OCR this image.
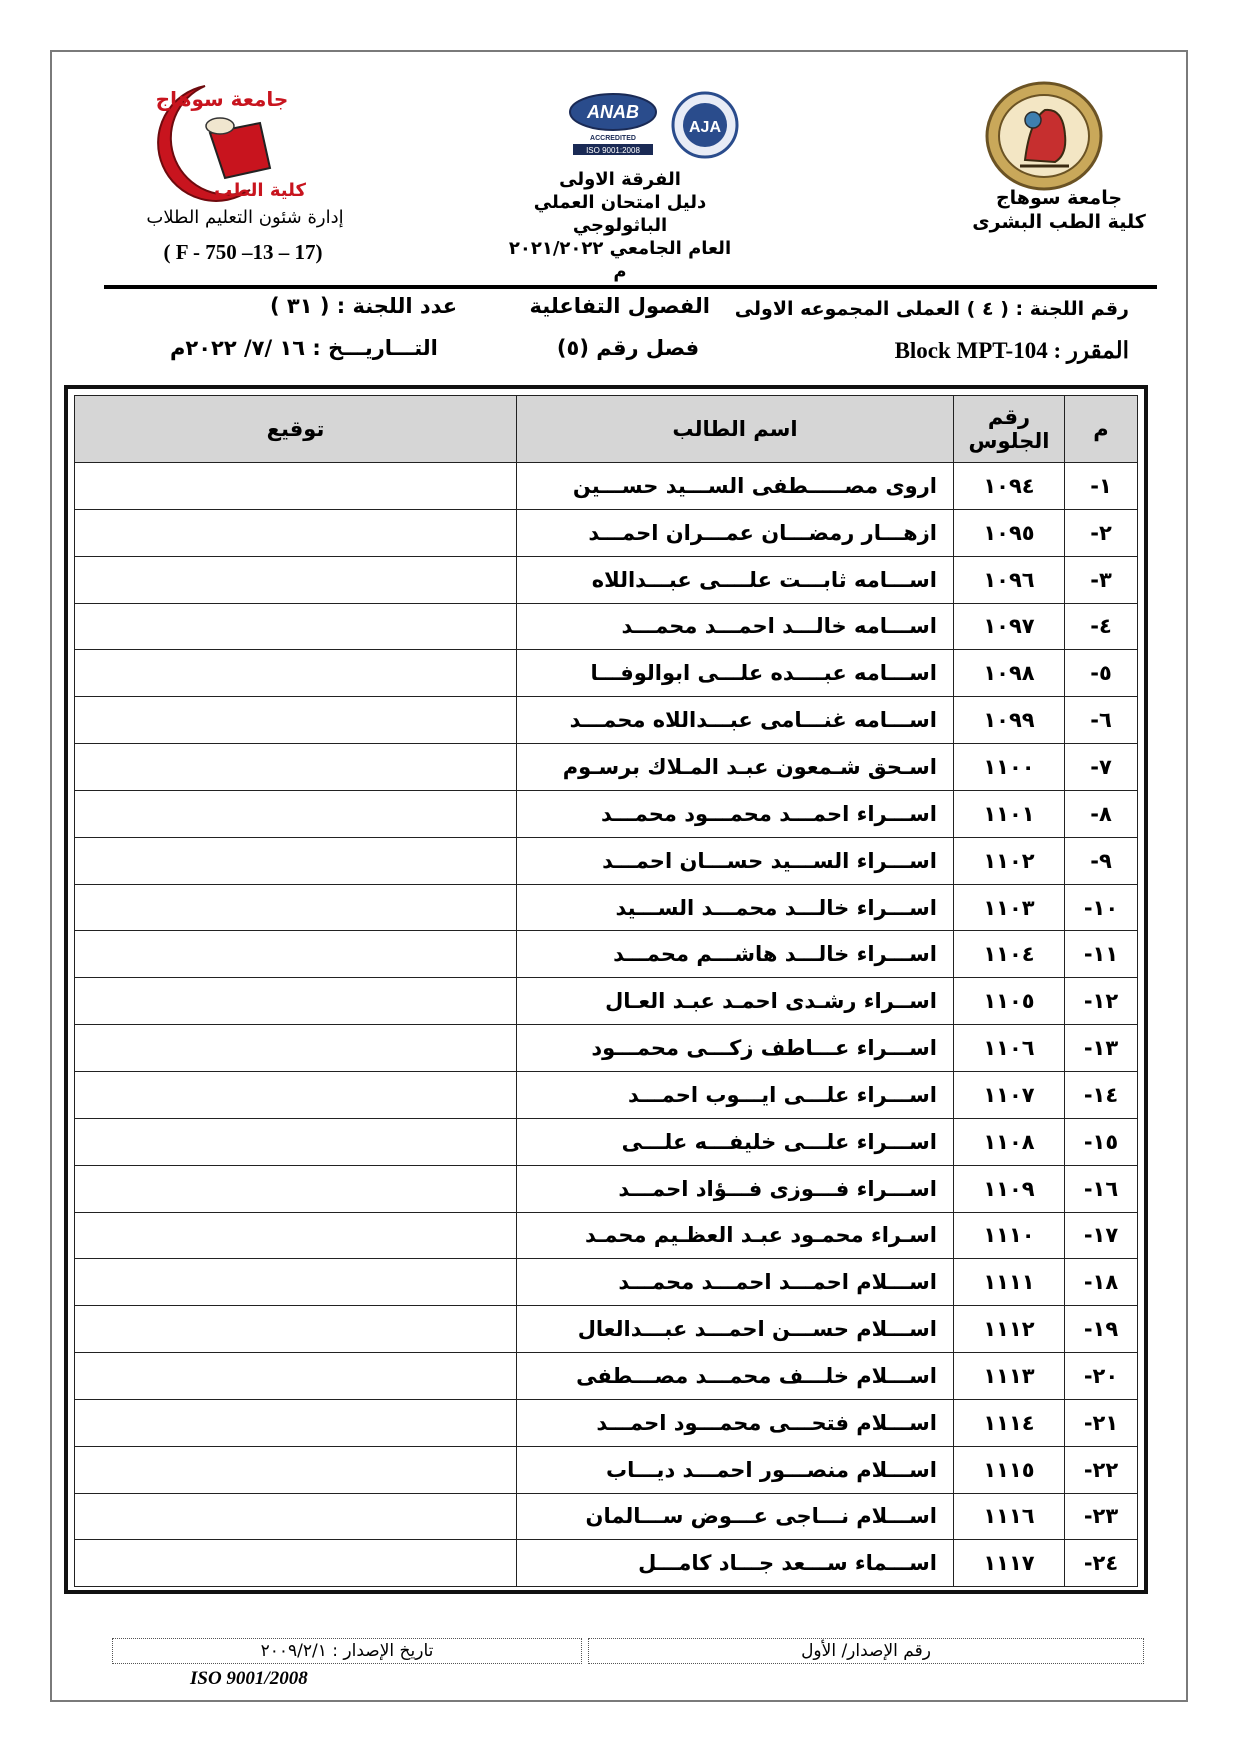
ANAB
ACCREDITED
ISO 9001:2008
AJA
جامعة سوهاج
كلية الطب	جامعة سوهاج
كلية الطب البشرى
الفرقة الاولى
دليل امتحان العملي الباثولوجي
العام الجامعي ٢٠٢١/٢٠٢٢ م
إدارة شئون التعليم الطلاب
( F - 750 –13 – 17)
رقم اللجنة : ( ٤ ) العملى المجموعه الاولى
المقرر : Block MPT-104
الفصول التفاعلية
فصل رقم (٥)
عدد اللجنة : ( ٣١ )
التـــاريـــخ : ١٦ /٧/ ٢٠٢٢م
م	رقم الجلوس	اسم الطالب	توقيع
١-	١٠٩٤	اروى مصـــــطفى الســـيد حســـين	
٢-	١٠٩٥	ازهـــار رمضـــان عمـــران احمـــد	
٣-	١٠٩٦	اســـامه ثابـــت علــــى عبـــداللاه	
٤-	١٠٩٧	اســـامه خالـــد احمـــد محمـــد	
٥-	١٠٩٨	اســـامه عبــــده علـــى ابوالوفـــا	
٦-	١٠٩٩	اســـامه غنـــامى عبـــداللاه محمـــد	
٧-	١١٠٠	اسـحق شـمعون عبـد المـلاك برسـوم	
٨-	١١٠١	اســـراء احمـــد محمـــود محمـــد	
٩-	١١٠٢	اســـراء الســـيد حســـان احمـــد	
١٠-	١١٠٣	اســـراء خالـــد محمـــد الســـيد	
١١-	١١٠٤	اســـراء خالـــد هاشـــم محمـــد	
١٢-	١١٠٥	اســراء رشـدى احمـد عبـد العـال	
١٣-	١١٠٦	اســـراء عـــاطف زكـــى محمـــود	
١٤-	١١٠٧	اســـراء علـــى ايـــوب احمـــد	
١٥-	١١٠٨	اســـراء علـــى خليفـــه علـــى	
١٦-	١١٠٩	اســـراء فـــوزى فـــؤاد احمـــد	
١٧-	١١١٠	اسـراء محمـود عبـد العظـيم محمـد	
١٨-	١١١١	اســـلام احمـــد احمـــد محمـــد	
١٩-	١١١٢	اســـلام حســـن احمـــد عبـــدالعال	
٢٠-	١١١٣	اســـلام خلـــف محمـــد مصـــطفى	
٢١-	١١١٤	اســـلام فتحـــى محمـــود احمـــد	
٢٢-	١١١٥	اســـلام منصـــور احمـــد ديـــاب	
٢٣-	١١١٦	اســـلام نـــاجى عـــوض ســـالمان	
٢٤-	١١١٧	اســـماء ســـعد جـــاد كامـــل	
تاريخ الإصدار : ٢٠٠٩/٢/١	رقم الإصدار/ الأول
ISO 9001/2008
